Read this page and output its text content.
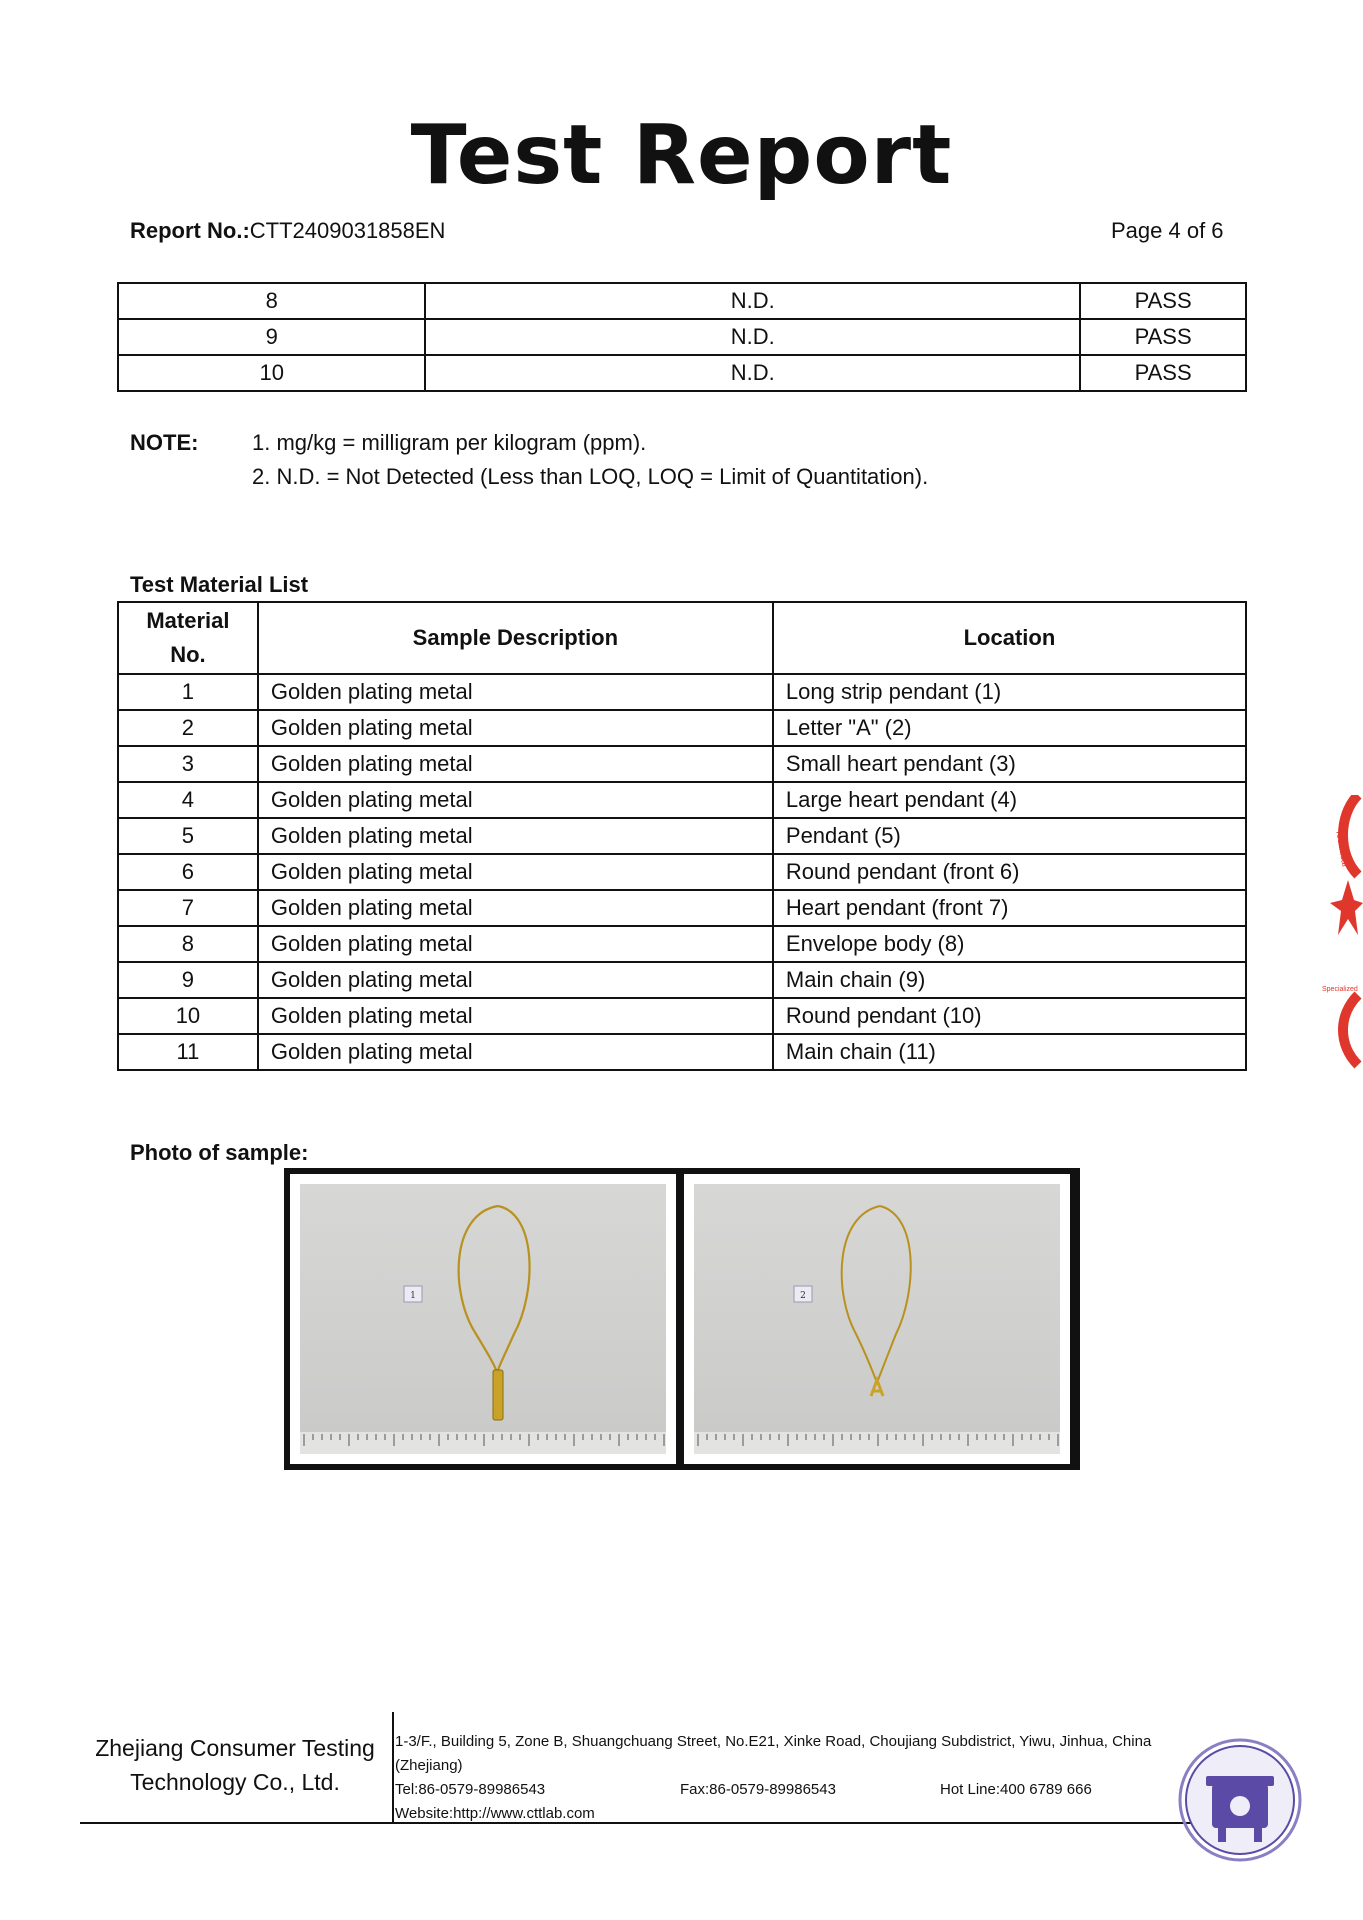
Test Report
Report No.:CTT2409031858EN	Page 4 of 6
8	N.D.	PASS
9	N.D.	PASS
10	N.D.	PASS
NOTE: 1. mg/kg = milligram per kilogram (ppm).
2. N.D. = Not Detected (Less than LOQ, LOQ = Limit of Quantitation).
Test Material List
Material
No.	Sample Description	Location
1	Golden plating metal	Long strip pendant (1)
2	Golden plating metal	Letter "A" (2)
3	Golden plating metal	Small heart pendant (3)
4	Golden plating metal	Large heart pendant (4)
5	Golden plating metal	Pendant (5)
6	Golden plating metal	Round pendant (front 6)
7	Golden plating metal	Heart pendant (front 7)
8	Golden plating metal	Envelope body (8)
9	Golden plating metal	Main chain (9)
10	Golden plating metal	Round pendant (10)
11	Golden plating metal	Main chain (11)
Photo of sample:
1	2
Technical
Specialized
Zhejiang Consumer Testing
Technology Co., Ltd.
1-3/F., Building 5, Zone B, Shuangchuang Street, No.E21, Xinke Road, Choujiang Subdistrict, Yiwu, Jinhua, China
(Zhejiang)
Tel:86-0579-89986543	Fax:86-0579-89986543	Hot Line:400 6789 666
Website:http://www.cttlab.com
